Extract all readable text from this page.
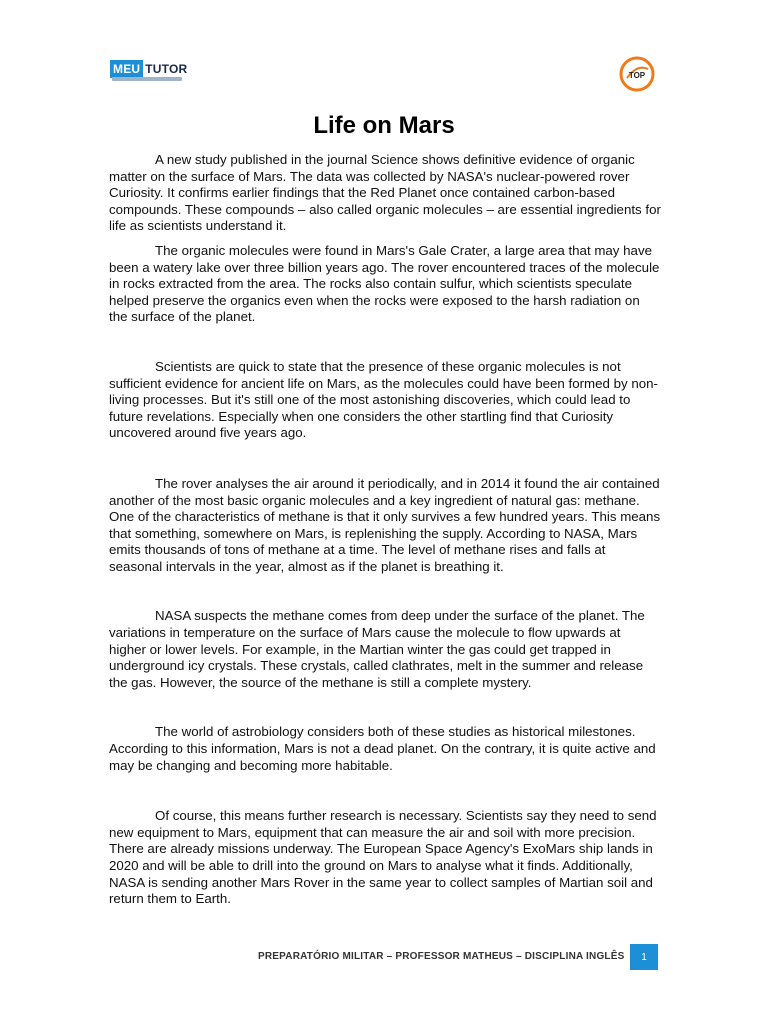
MEU TUTOR	TOP
Life on Mars

A new study published in the journal Science shows definitive evidence of organic matter on the surface of Mars. The data was collected by NASA's nuclear-powered rover Curiosity. It confirms earlier findings that the Red Planet once contained carbon-based compounds. These compounds – also called organic molecules – are essential ingredients for life as scientists understand it.

The organic molecules were found in Mars's Gale Crater, a large area that may have been a watery lake over three billion years ago. The rover encountered traces of the molecule in rocks extracted from the area. The rocks also contain sulfur, which scientists speculate helped preserve the organics even when the rocks were exposed to the harsh radiation on the surface of the planet.

Scientists are quick to state that the presence of these organic molecules is not sufficient evidence for ancient life on Mars, as the molecules could have been formed by non-living processes. But it's still one of the most astonishing discoveries, which could lead to future revelations. Especially when one considers the other startling find that Curiosity uncovered around five years ago.

The rover analyses the air around it periodically, and in 2014 it found the air contained another of the most basic organic molecules and a key ingredient of natural gas: methane. One of the characteristics of methane is that it only survives a few hundred years. This means that something, somewhere on Mars, is replenishing the supply. According to NASA, Mars emits thousands of tons of methane at a time. The level of methane rises and falls at seasonal intervals in the year, almost as if the planet is breathing it.

NASA suspects the methane comes from deep under the surface of the planet. The variations in temperature on the surface of Mars cause the molecule to flow upwards at higher or lower levels. For example, in the Martian winter the gas could get trapped in underground icy crystals. These crystals, called clathrates, melt in the summer and release the gas. However, the source of the methane is still a complete mystery.

The world of astrobiology considers both of these studies as historical milestones. According to this information, Mars is not a dead planet. On the contrary, it is quite active and may be changing and becoming more habitable.

Of course, this means further research is necessary. Scientists say they need to send new equipment to Mars, equipment that can measure the air and soil with more precision. There are already missions underway. The European Space Agency's ExoMars ship lands in 2020 and will be able to drill into the ground on Mars to analyse what it finds. Additionally, NASA is sending another Mars Rover in the same year to collect samples of Martian soil and return them to Earth.

PREPARATÓRIO MILITAR – PROFESSOR MATHEUS – DISCIPLINA INGLÊS	1
